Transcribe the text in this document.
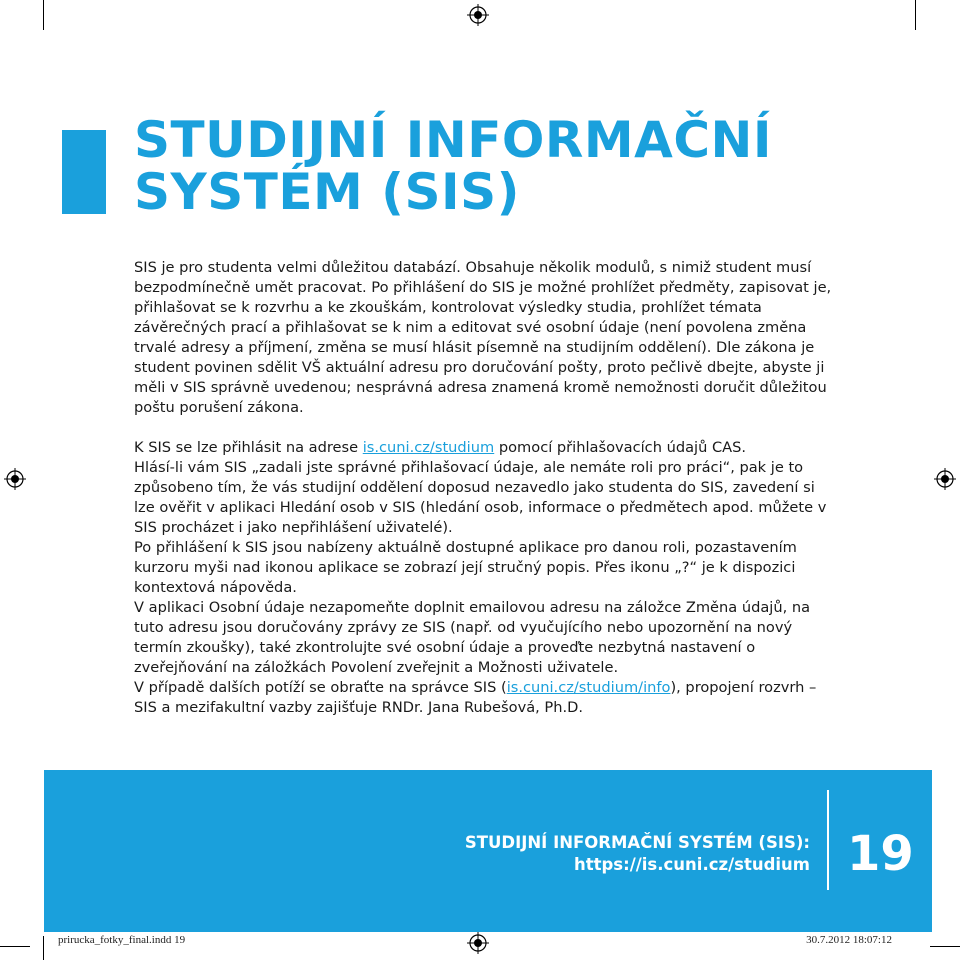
STUDIJNÍ INFORMAČNÍ
SYSTÉM (SIS)

SIS je pro studenta velmi důležitou databází. Obsahuje několik modulů, s nimiž student musí bezpodmínečně umět pracovat. Po přihlášení do SIS je možné prohlížet předměty, zapisovat je, přihlašovat se k rozvrhu a ke zkouškám, kontrolovat výsledky studia, prohlížet témata závěrečných prací a přihlašovat se k nim a editovat své osobní údaje (není povolena změna trvalé adresy a příjmení, změna se musí hlásit písemně na studijním oddělení). Dle zákona je student povinen sdělit VŠ aktuální adresu pro doručování pošty, proto pečlivě dbejte, abyste ji měli v SIS správně uvedenou; nesprávná adresa znamená kromě nemožnosti doručit důležitou poštu porušení zákona.

K SIS se lze přihlásit na adrese is.cuni.cz/studium pomocí přihlašovacích údajů CAS.

Hlásí-li vám SIS „zadali jste správné přihlašovací údaje, ale nemáte roli pro práci“, pak je to způsobeno tím, že vás studijní oddělení doposud nezavedlo jako studenta do SIS, zavedení si lze ověřit v aplikaci Hledání osob v SIS (hledání osob, informace o předmětech apod. můžete v SIS procházet i jako nepřihlášení uživatelé).

Po přihlášení k SIS jsou nabízeny aktuálně dostupné aplikace pro danou roli, pozastavením kurzoru myši nad ikonou aplikace se zobrazí její stručný popis. Přes ikonu „?“ je k dispozici kontextová nápověda.

V aplikaci Osobní údaje nezapomeňte doplnit emailovou adresu na záložce Změna údajů, na tuto adresu jsou doručovány zprávy ze SIS (např. od vyučujícího nebo upozornění na nový termín zkoušky), také zkontrolujte své osobní údaje a proveďte nezbytná nastavení o zveřejňování na záložkách Povolení zveřejnit a Možnosti uživatele.

V případě dalších potíží se obraťte na správce SIS (is.cuni.cz/studium/info), propojení rozvrh – SIS a mezifakultní vazby zajišťuje RNDr. Jana Rubešová, Ph.D.

STUDIJNÍ INFORMAČNÍ SYSTÉM (SIS):
https://is.cuni.cz/studium 19
prirucka_fotky_final.indd 19	30.7.2012 18:07:12
